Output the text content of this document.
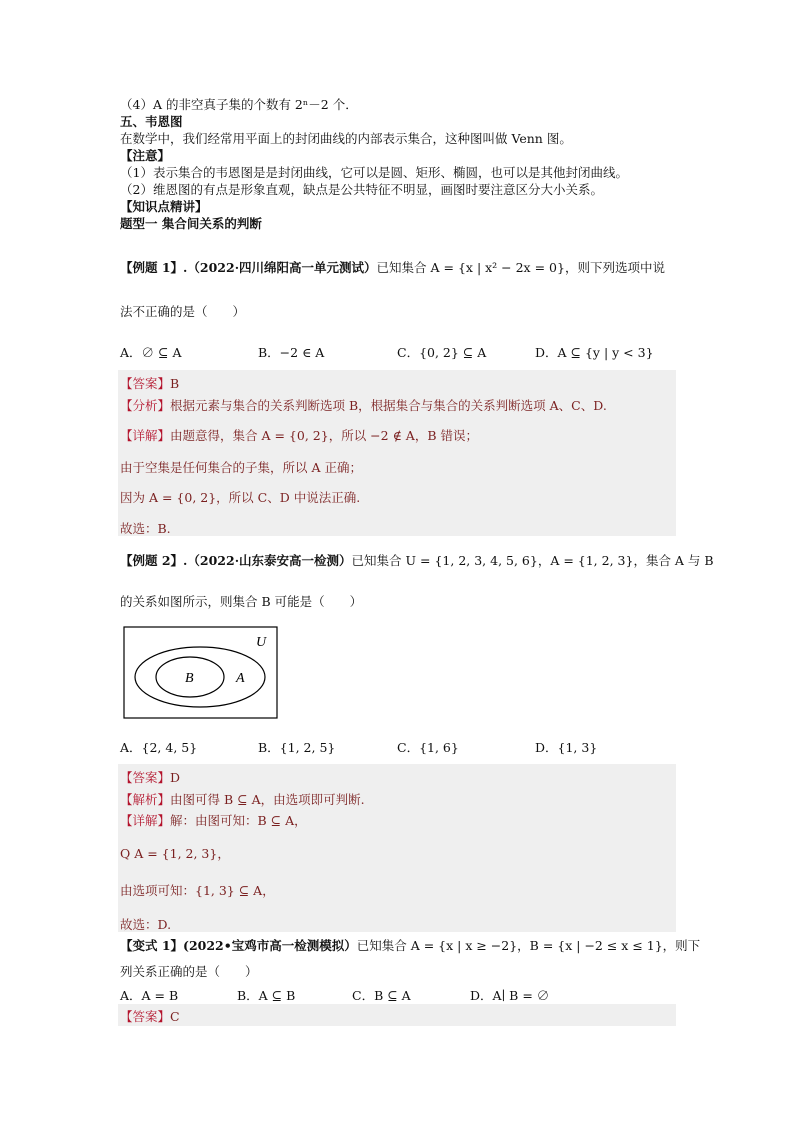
（4）A 的非空真子集的个数有 2ⁿ－2 个．
五、韦恩图
在数学中，我们经常用平面上的封闭曲线的内部表示集合，这种图叫做 Venn 图。
【注意】
（1）表示集合的韦恩图是是封闭曲线，它可以是圆、矩形、椭圆，也可以是其他封闭曲线。
（2）维恩图的有点是形象直观，缺点是公共特征不明显，画图时要注意区分大小关系。
【知识点精讲】
题型一 集合间关系的判断
【例题 1】.（2022·四川绵阳高一单元测试）已知集合 A = {x | x² − 2x = 0}，则下列选项中说
法不正确的是（　　）
A．∅ ⊆ A	B．−2 ∈ A	C．{0, 2} ⊆ A	D．A ⊆ {y | y < 3}
【答案】B
【分析】根据元素与集合的关系判断选项 B，根据集合与集合的关系判断选项 A、C、D.
【详解】由题意得，集合 A = {0, 2}，所以 −2 ∉ A，B 错误；
由于空集是任何集合的子集，所以 A 正确；
因为 A = {0, 2}，所以 C、D 中说法正确.
故选：B.
【例题 2】.（2022·山东泰安高一检测）已知集合 U = {1, 2, 3, 4, 5, 6}，A = {1, 2, 3}，集合 A 与 B
的关系如图所示，则集合 B 可能是（　　）
U
A
B
A．{2, 4, 5}	B．{1, 2, 5}	C．{1, 6}	D．{1, 3}
【答案】D
【解析】由图可得 B ⊆ A，由选项即可判断.
【详解】解：由图可知：B ⊆ A，
Q A = {1, 2, 3}，
由选项可知：{1, 3} ⊆ A，
故选：D.
【变式 1】(2022•宝鸡市高一检测模拟）已知集合 A = {x | x ≥ −2}，B = {x | −2 ≤ x ≤ 1}，则下
列关系正确的是（　　）
A．A = B	B．A ⊆ B	C．B ⊆ A	D．A∣ B = ∅
【答案】C
